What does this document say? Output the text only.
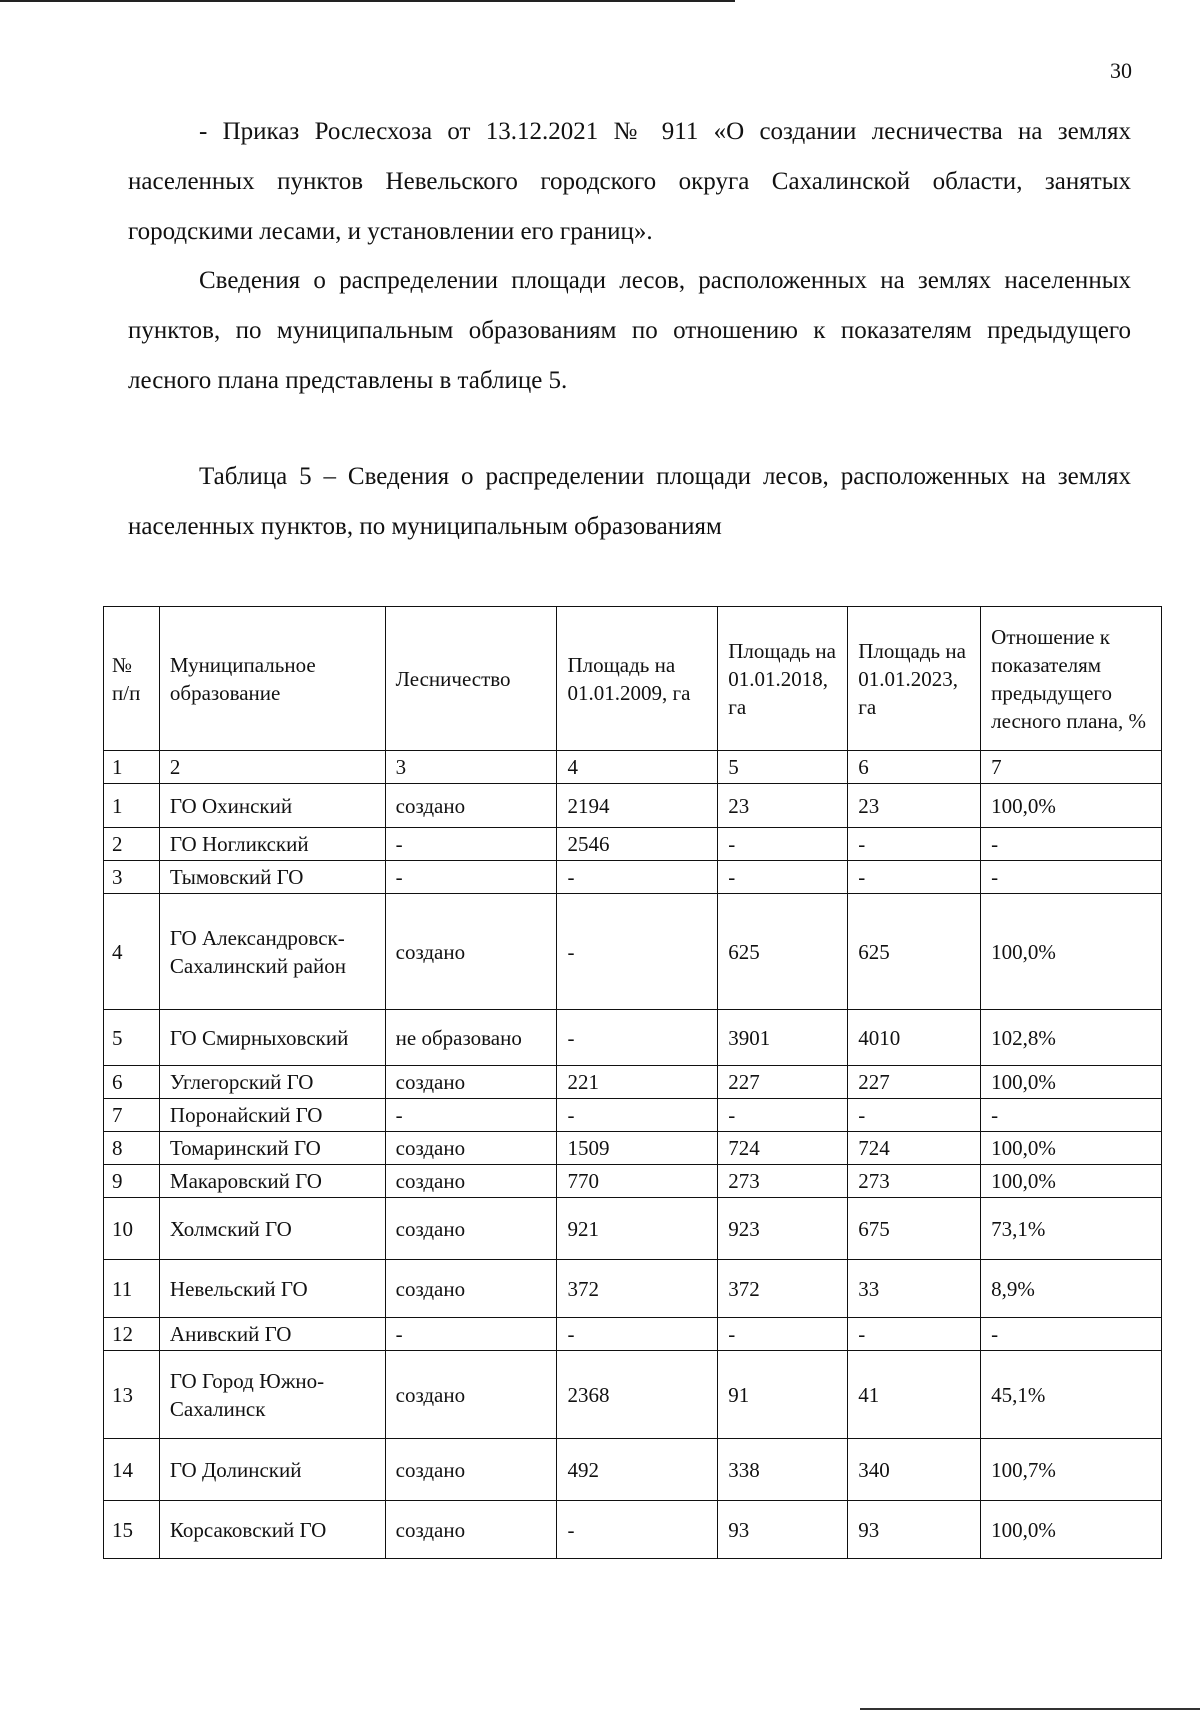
30

- Приказ Рослесхоза от 13.12.2021 № 911 «О создании лесничества на землях населенных пунктов Невельского городского округа Сахалинской области, занятых городскими лесами, и установлении его границ».

Сведения о распределении площади лесов, расположенных на землях населенных пунктов, по муниципальным образованиям по отношению к показателям предыдущего лесного плана представлены в таблице 5.

Таблица 5 – Сведения о распределении площади лесов, расположенных на землях населенных пунктов, по муниципальным образованиям

№ п/п	Муниципальное образование	Лесничество	Площадь на 01.01.2009, га	Площадь на 01.01.2018, га	Площадь на 01.01.2023, га	Отношение к показателям предыдущего лесного плана, %
1	2	3	4	5	6	7
1	ГО Охинский	создано	2194	23	23	100,0%
2	ГО Ногликский	-	2546	-	-	-
3	Тымовский ГО	-	-	-	-	-
4	ГО Александровск-Сахалинский район	создано	-	625	625	100,0%
5	ГО Смирныховский	не образовано	-	3901	4010	102,8%
6	Углегорский ГО	создано	221	227	227	100,0%
7	Поронайский ГО	-	-	-	-	-
8	Томаринский ГО	создано	1509	724	724	100,0%
9	Макаровский ГО	создано	770	273	273	100,0%
10	Холмский ГО	создано	921	923	675	73,1%
11	Невельский ГО	создано	372	372	33	8,9%
12	Анивский ГО	-	-	-	-	-
13	ГО Город Южно-Сахалинск	создано	2368	91	41	45,1%
14	ГО Долинский	создано	492	338	340	100,7%
15	Корсаковский ГО	создано	-	93	93	100,0%
